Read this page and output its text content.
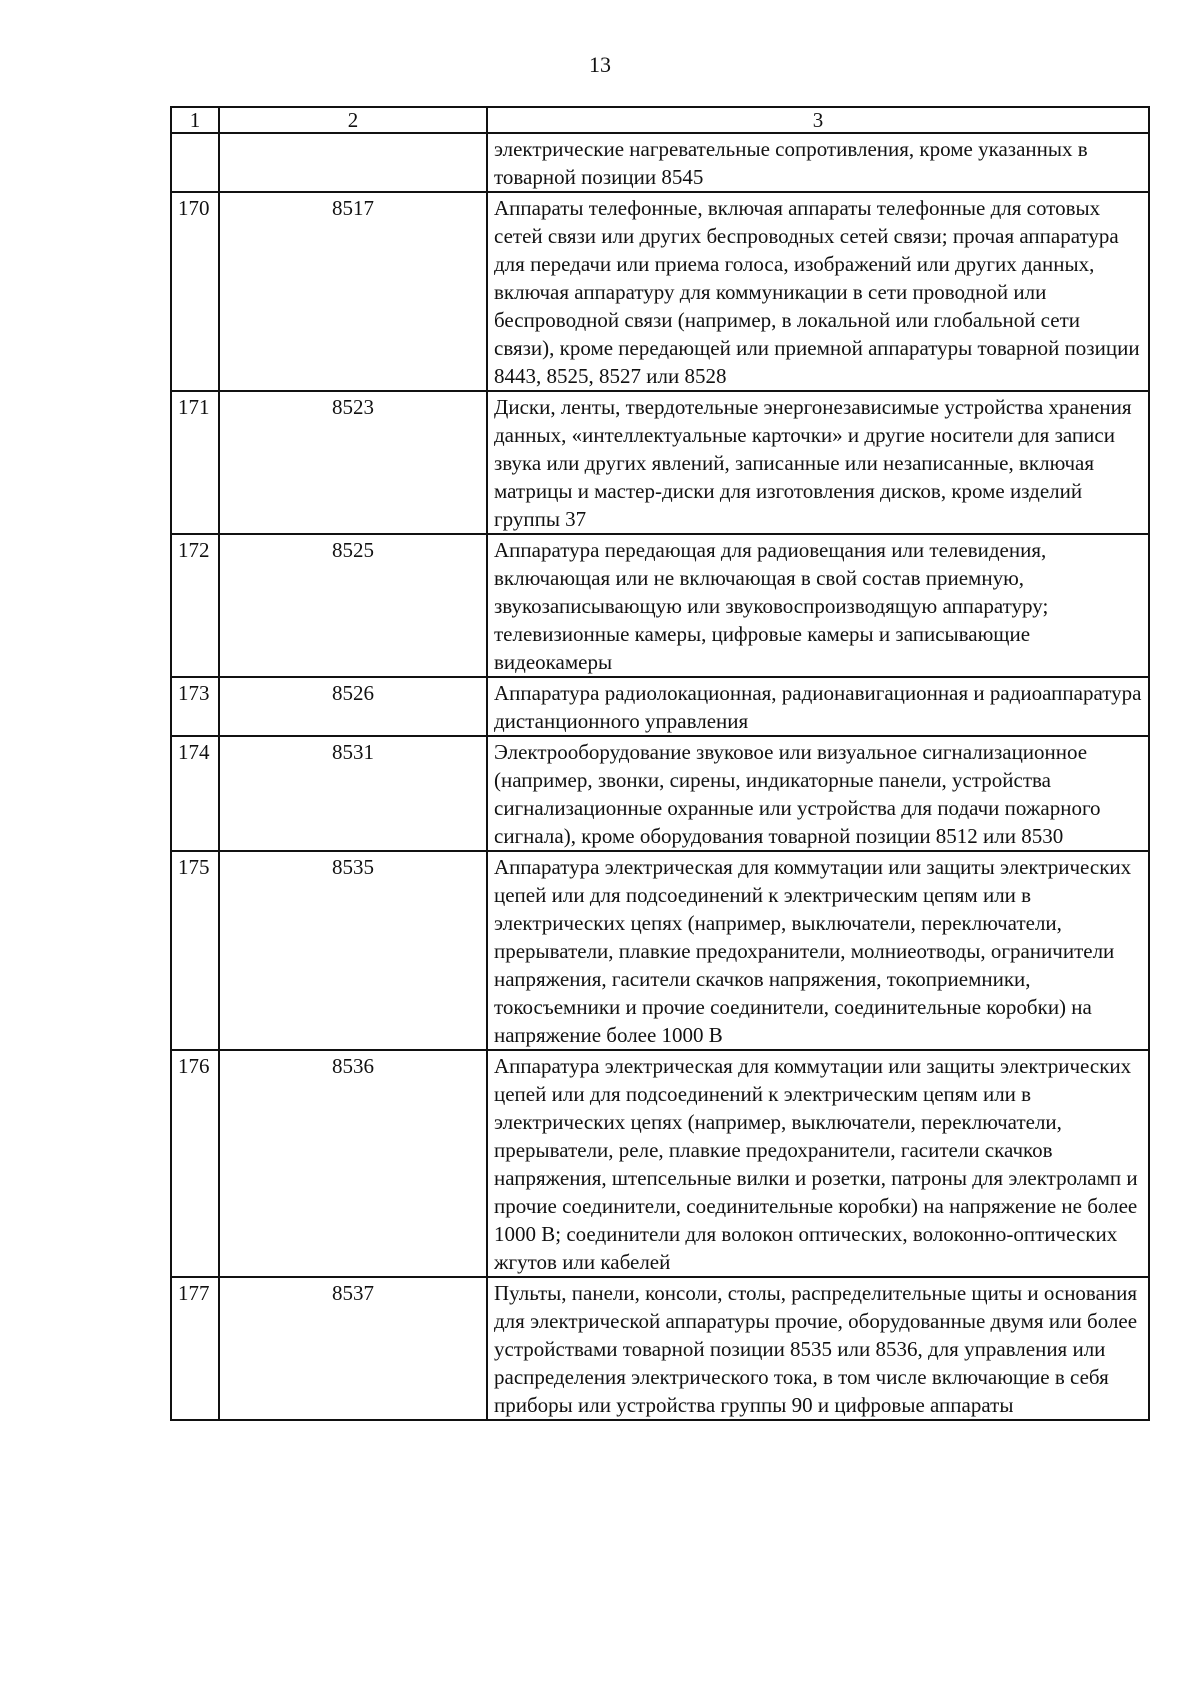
13
1	2	3
		электрические нагревательные сопротивления, кроме указанных в товарной позиции 8545
170	8517	Аппараты телефонные, включая аппараты телефонные для сотовых сетей связи или других беспроводных сетей связи; прочая аппаратура для передачи или приема голоса, изображений или других данных, включая аппаратуру для коммуникации в сети проводной или беспроводной связи (например, в локальной или глобальной сети связи), кроме передающей или приемной аппаратуры товарной позиции 8443, 8525, 8527 или 8528
171	8523	Диски, ленты, твердотельные энергонезависимые устройства хранения данных, «интеллектуальные карточки» и другие носители для записи звука или других явлений, записанные или незаписанные, включая матрицы и мастер-диски для изготовления дисков, кроме изделий группы 37
172	8525	Аппаратура передающая для радиовещания или телевидения, включающая или не включающая в свой состав приемную, звукозаписывающую или звуковоспроизводящую аппаратуру; телевизионные камеры, цифровые камеры и записывающие видеокамеры
173	8526	Аппаратура радиолокационная, радионавигационная и радиоаппаратура дистанционного управления
174	8531	Электрооборудование звуковое или визуальное сигнализационное (например, звонки, сирены, индикаторные панели, устройства сигнализационные охранные или устройства для подачи пожарного сигнала), кроме оборудования товарной позиции 8512 или 8530
175	8535	Аппаратура электрическая для коммутации или защиты электрических цепей или для подсоединений к электрическим цепям или в электрических цепях (например, выключатели, переключатели, прерыватели, плавкие предохранители, молниеотводы, ограничители напряжения, гасители скачков напряжения, токоприемники, токосъемники и прочие соединители, соединительные коробки) на напряжение более 1000 В
176	8536	Аппаратура электрическая для коммутации или защиты электрических цепей или для подсоединений к электрическим цепям или в электрических цепях (например, выключатели, переключатели, прерыватели, реле, плавкие предохранители, гасители скачков напряжения, штепсельные вилки и розетки, патроны для электроламп и прочие соединители, соединительные коробки) на напряжение не более 1000 В; соединители для волокон оптических, волоконно-оптических жгутов или кабелей
177	8537	Пульты, панели, консоли, столы, распределительные щиты и основания для электрической аппаратуры прочие, оборудованные двумя или более устройствами товарной позиции 8535 или 8536, для управления или распределения электрического тока, в том числе включающие в себя приборы или устройства группы 90 и цифровые аппараты
